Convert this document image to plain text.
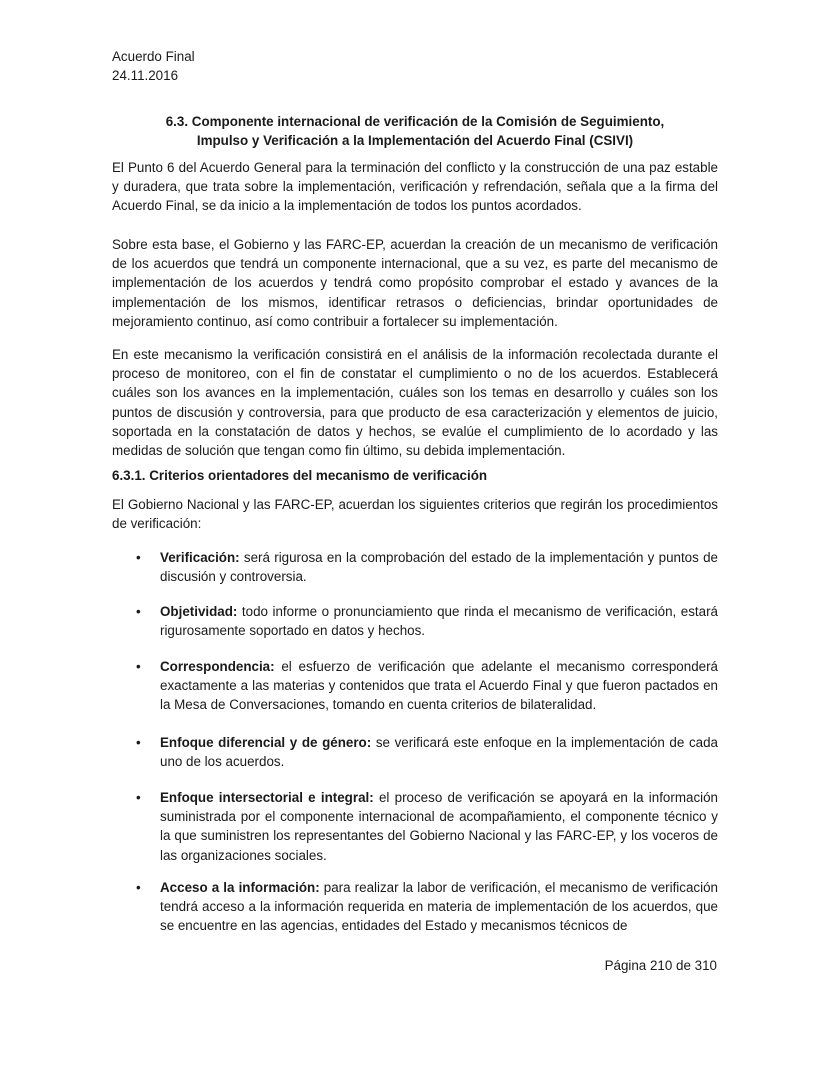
Acuerdo Final
24.11.2016
6.3. Componente internacional de verificación de la Comisión de Seguimiento, Impulso y Verificación a la Implementación del Acuerdo Final (CSIVI)

El Punto 6 del Acuerdo General para la terminación del conflicto y la construcción de una paz estable y duradera, que trata sobre la implementación, verificación y refrendación, señala que a la firma del Acuerdo Final, se da inicio a la implementación de todos los puntos acordados.

Sobre esta base, el Gobierno y las FARC-EP, acuerdan la creación de un mecanismo de verificación de los acuerdos que tendrá un componente internacional, que a su vez, es parte del mecanismo de implementación de los acuerdos y tendrá como propósito comprobar el estado y avances de la implementación de los mismos, identificar retrasos o deficiencias, brindar oportunidades de mejoramiento continuo, así como contribuir a fortalecer su implementación.

En este mecanismo la verificación consistirá en el análisis de la información recolectada durante el proceso de monitoreo, con el fin de constatar el cumplimiento o no de los acuerdos. Establecerá cuáles son los avances en la implementación, cuáles son los temas en desarrollo y cuáles son los puntos de discusión y controversia, para que producto de esa caracterización y elementos de juicio, soportada en la constatación de datos y hechos, se evalúe el cumplimiento de lo acordado y las medidas de solución que tengan como fin último, su debida implementación.

6.3.1. Criterios orientadores del mecanismo de verificación

El Gobierno Nacional y las FARC-EP, acuerdan los siguientes criterios que regirán los procedimientos de verificación:

• Verificación: será rigurosa en la comprobación del estado de la implementación y puntos de discusión y controversia.
• Objetividad: todo informe o pronunciamiento que rinda el mecanismo de verificación, estará rigurosamente soportado en datos y hechos.
• Correspondencia: el esfuerzo de verificación que adelante el mecanismo corresponderá exactamente a las materias y contenidos que trata el Acuerdo Final y que fueron pactados en la Mesa de Conversaciones, tomando en cuenta criterios de bilateralidad.
• Enfoque diferencial y de género: se verificará este enfoque en la implementación de cada uno de los acuerdos.
• Enfoque intersectorial e integral: el proceso de verificación se apoyará en la información suministrada por el componente internacional de acompañamiento, el componente técnico y la que suministren los representantes del Gobierno Nacional y las FARC-EP, y los voceros de las organizaciones sociales.
• Acceso a la información: para realizar la labor de verificación, el mecanismo de verificación tendrá acceso a la información requerida en materia de implementación de los acuerdos, que se encuentre en las agencias, entidades del Estado y mecanismos técnicos de
Página 210 de 310
